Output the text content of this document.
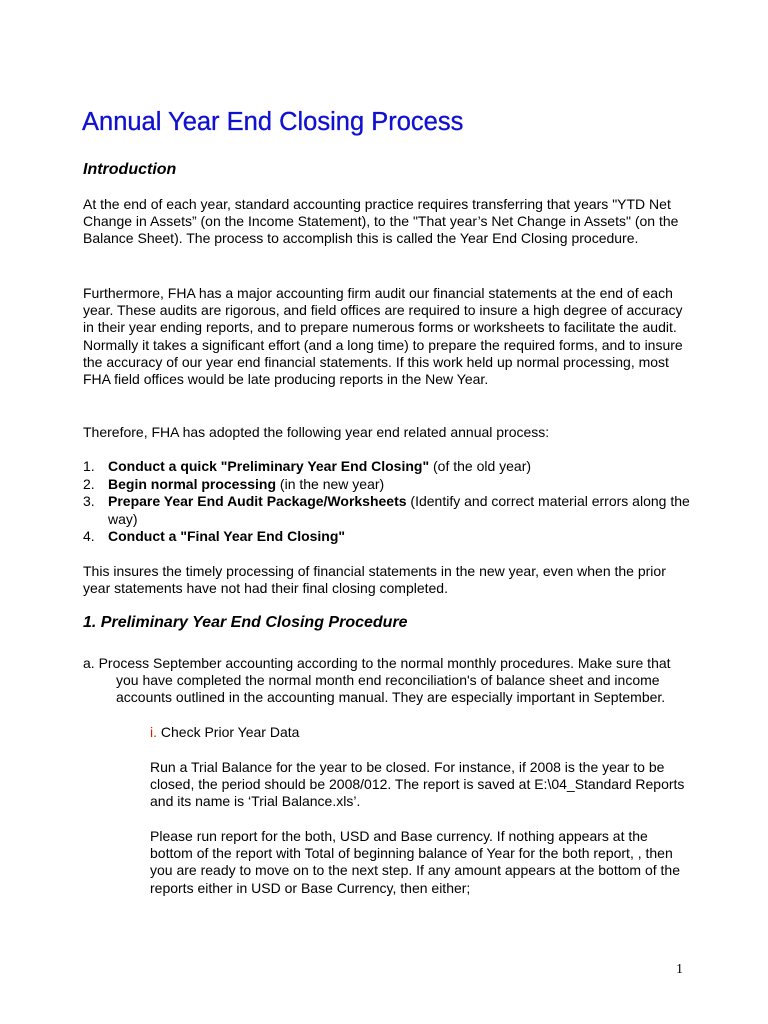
Annual Year End Closing Process
Introduction

At the end of each year, standard accounting practice requires transferring that years "YTD Net Change in Assets” (on the Income Statement), to the "That year’s Net Change in Assets" (on the Balance Sheet). The process to accomplish this is called the Year End Closing procedure.

Furthermore, FHA has a major accounting firm audit our financial statements at the end of each year. These audits are rigorous, and field offices are required to insure a high degree of accuracy in their year ending reports, and to prepare numerous forms or worksheets to facilitate the audit. Normally it takes a significant effort (and a long time) to prepare the required forms, and to insure the accuracy of our year end financial statements. If this work held up normal processing, most FHA field offices would be late producing reports in the New Year.

Therefore, FHA has adopted the following year end related annual process:

1. Conduct a quick "Preliminary Year End Closing" (of the old year)
2. Begin normal processing (in the new year)
3. Prepare Year End Audit Package/Worksheets (Identify and correct material errors along the way)
4. Conduct a "Final Year End Closing"

This insures the timely processing of financial statements in the new year, even when the prior year statements have not had their final closing completed.

1. Preliminary Year End Closing Procedure

a. Process September accounting according to the normal monthly procedures. Make sure that you have completed the normal month end reconciliation's of balance sheet and income accounts outlined in the accounting manual. They are especially important in September.

i. Check Prior Year Data

Run a Trial Balance for the year to be closed. For instance, if 2008 is the year to be closed, the period should be 2008/012. The report is saved at E:\04_Standard Reports and its name is ‘Trial Balance.xls’.

Please run report for the both, USD and Base currency. If nothing appears at the bottom of the report with Total of beginning balance of Year for the both report, , then you are ready to move on to the next step. If any amount appears at the bottom of the reports either in USD or Base Currency, then either;

1
